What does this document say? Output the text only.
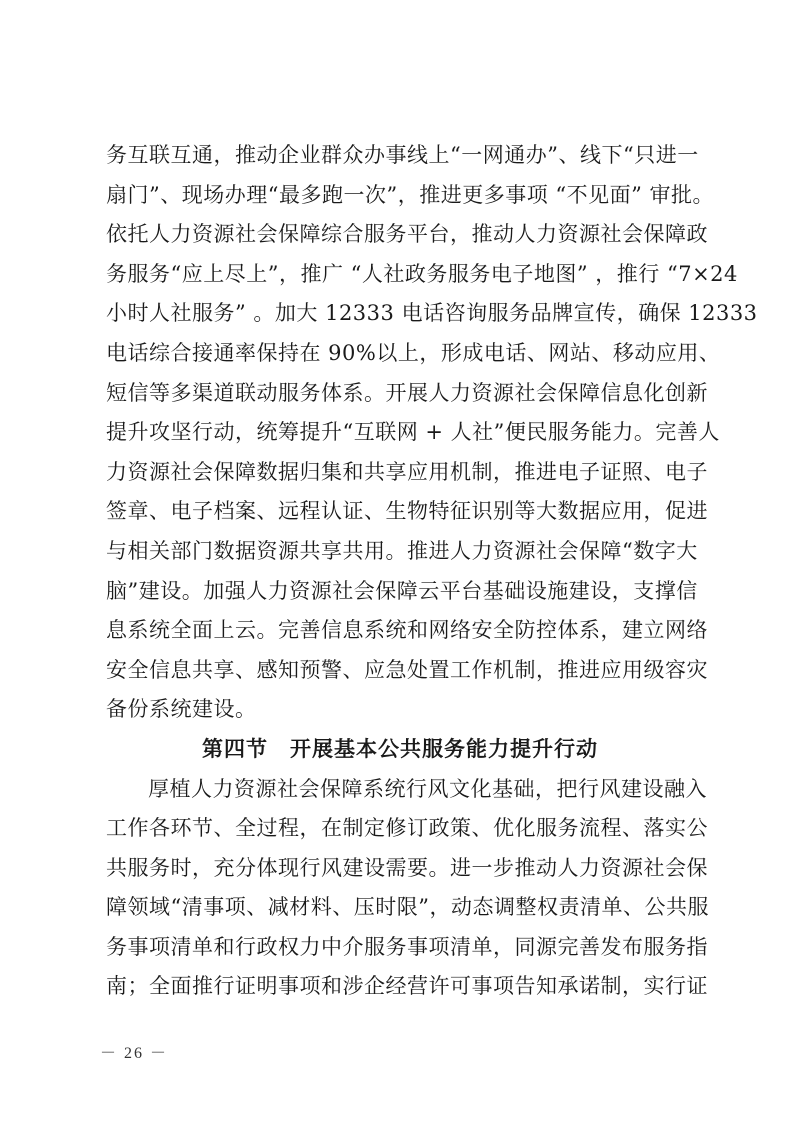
务互联互通，推动企业群众办事线上“一网通办”、线下“只进一
扇门”、现场办理“最多跑一次”，推进更多事项 “不见面” 审批。
依托人力资源社会保障综合服务平台，推动人力资源社会保障政
务服务“应上尽上”，推广 “人社政务服务电子地图” ，推行 “7×24
小时人社服务” 。加大 12333 电话咨询服务品牌宣传，确保 12333
电话综合接通率保持在 90%以上，形成电话、网站、移动应用、
短信等多渠道联动服务体系。开展人力资源社会保障信息化创新
提升攻坚行动，统筹提升“互联网 + 人社”便民服务能力。完善人
力资源社会保障数据归集和共享应用机制，推进电子证照、电子
签章、电子档案、远程认证、生物特征识别等大数据应用，促进
与相关部门数据资源共享共用。推进人力资源社会保障“数字大
脑”建设。加强人力资源社会保障云平台基础设施建设，支撑信
息系统全面上云。完善信息系统和网络安全防控体系，建立网络
安全信息共享、感知预警、应急处置工作机制，推进应用级容灾
备份系统建设。
第四节　开展基本公共服务能力提升行动
厚植人力资源社会保障系统行风文化基础，把行风建设融入
工作各环节、全过程，在制定修订政策、优化服务流程、落实公
共服务时，充分体现行风建设需要。进一步推动人力资源社会保
障领域“清事项、减材料、压时限”，动态调整权责清单、公共服
务事项清单和行政权力中介服务事项清单，同源完善发布服务指
南；全面推行证明事项和涉企经营许可事项告知承诺制，实行证
－ 26 －
